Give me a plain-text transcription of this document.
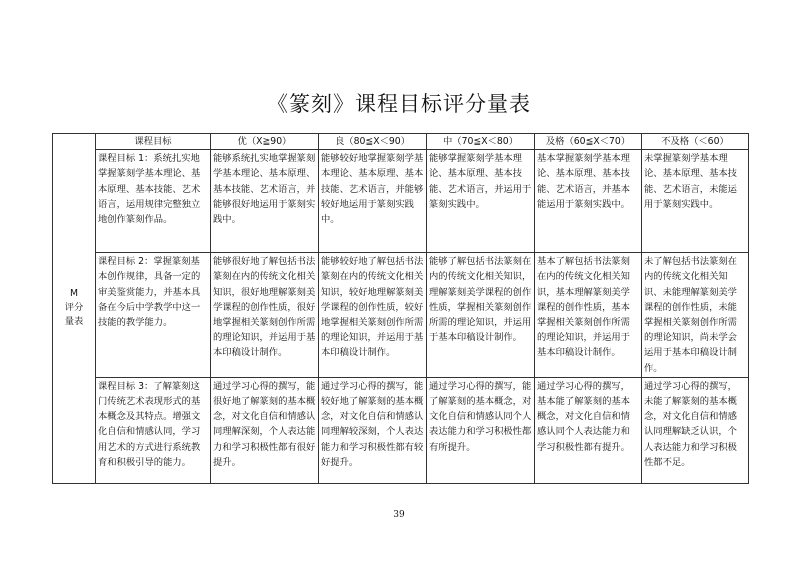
《篆刻》课程目标评分量表
M
评分
量表	课程目标	优（X≧90）	良（80≦X＜90）	中（70≦X＜80）	及格（60≦X＜70）	不及格（＜60）
	课程目标 1：系统扎实地掌握篆刻学基本理论、基本原理、基本技能、艺术语言，运用规律完整独立地创作篆刻作品。	能够系统扎实地掌握篆刻学基本理论、基本原理、基本技能、艺术语言，并能够很好地运用于篆刻实践中。	能够较好地掌握篆刻学基本理论、基本原理、基本技能、艺术语言，并能够较好地运用于篆刻实践中。	能够掌握篆刻学基本理论、基本原理、基本技能、艺术语言，并运用于篆刻实践中。	基本掌握篆刻学基本理论、基本原理、基本技能、艺术语言，并基本能运用于篆刻实践中。	未掌握篆刻学基本理论、基本原理、基本技能、艺术语言，未能运用于篆刻实践中。
	课程目标 2：掌握篆刻基本创作规律，具备一定的审美鉴赏能力，并基本具备在今后中学教学中这一技能的教学能力。	能够很好地了解包括书法篆刻在内的传统文化相关知识，很好地理解篆刻美学课程的创作性质，很好地掌握相关篆刻创作所需的理论知识，并运用于基本印稿设计制作。	能够较好地了解包括书法篆刻在内的传统文化相关知识，较好地理解篆刻美学课程的创作性质，较好地掌握相关篆刻创作所需的理论知识，并运用于基本印稿设计制作。	能够了解包括书法篆刻在内的传统文化相关知识，理解篆刻美学课程的创作性质，掌握相关篆刻创作所需的理论知识，并运用于基本印稿设计制作。	基本了解包括书法篆刻在内的传统文化相关知识，基本理解篆刻美学课程的创作性质，基本掌握相关篆刻创作所需的理论知识，并运用于基本印稿设计制作。	未了解包括书法篆刻在内的传统文化相关知识、未能理解篆刻美学课程的创作性质，未能掌握相关篆刻创作所需的理论知识，尚未学会运用于基本印稿设计制作。
	课程目标 3：了解篆刻这门传统艺术表现形式的基本概念及其特点。增强文化自信和情感认同，学习用艺术的方式进行系统教育和积极引导的能力。	通过学习心得的撰写，能很好地了解篆刻的基本概念，对文化自信和情感认同理解深刻，个人表达能力和学习积极性都有很好提升。	通过学习心得的撰写，能较好地了解篆刻的基本概念，对文化自信和情感认同理解较深刻，个人表达能力和学习积极性都有较好提升。	通过学习心得的撰写，能了解篆刻的基本概念，对文化自信和情感认同个人表达能力和学习积极性都有所提升。	通过学习心得的撰写，基本能了解篆刻的基本概念，对文化自信和情感认同个人表达能力和学习积极性都有提升。	通过学习心得的撰写，未能了解篆刻的基本概念，对文化自信和情感认同理解缺乏认识，个人表达能力和学习积极性都不足。
39
